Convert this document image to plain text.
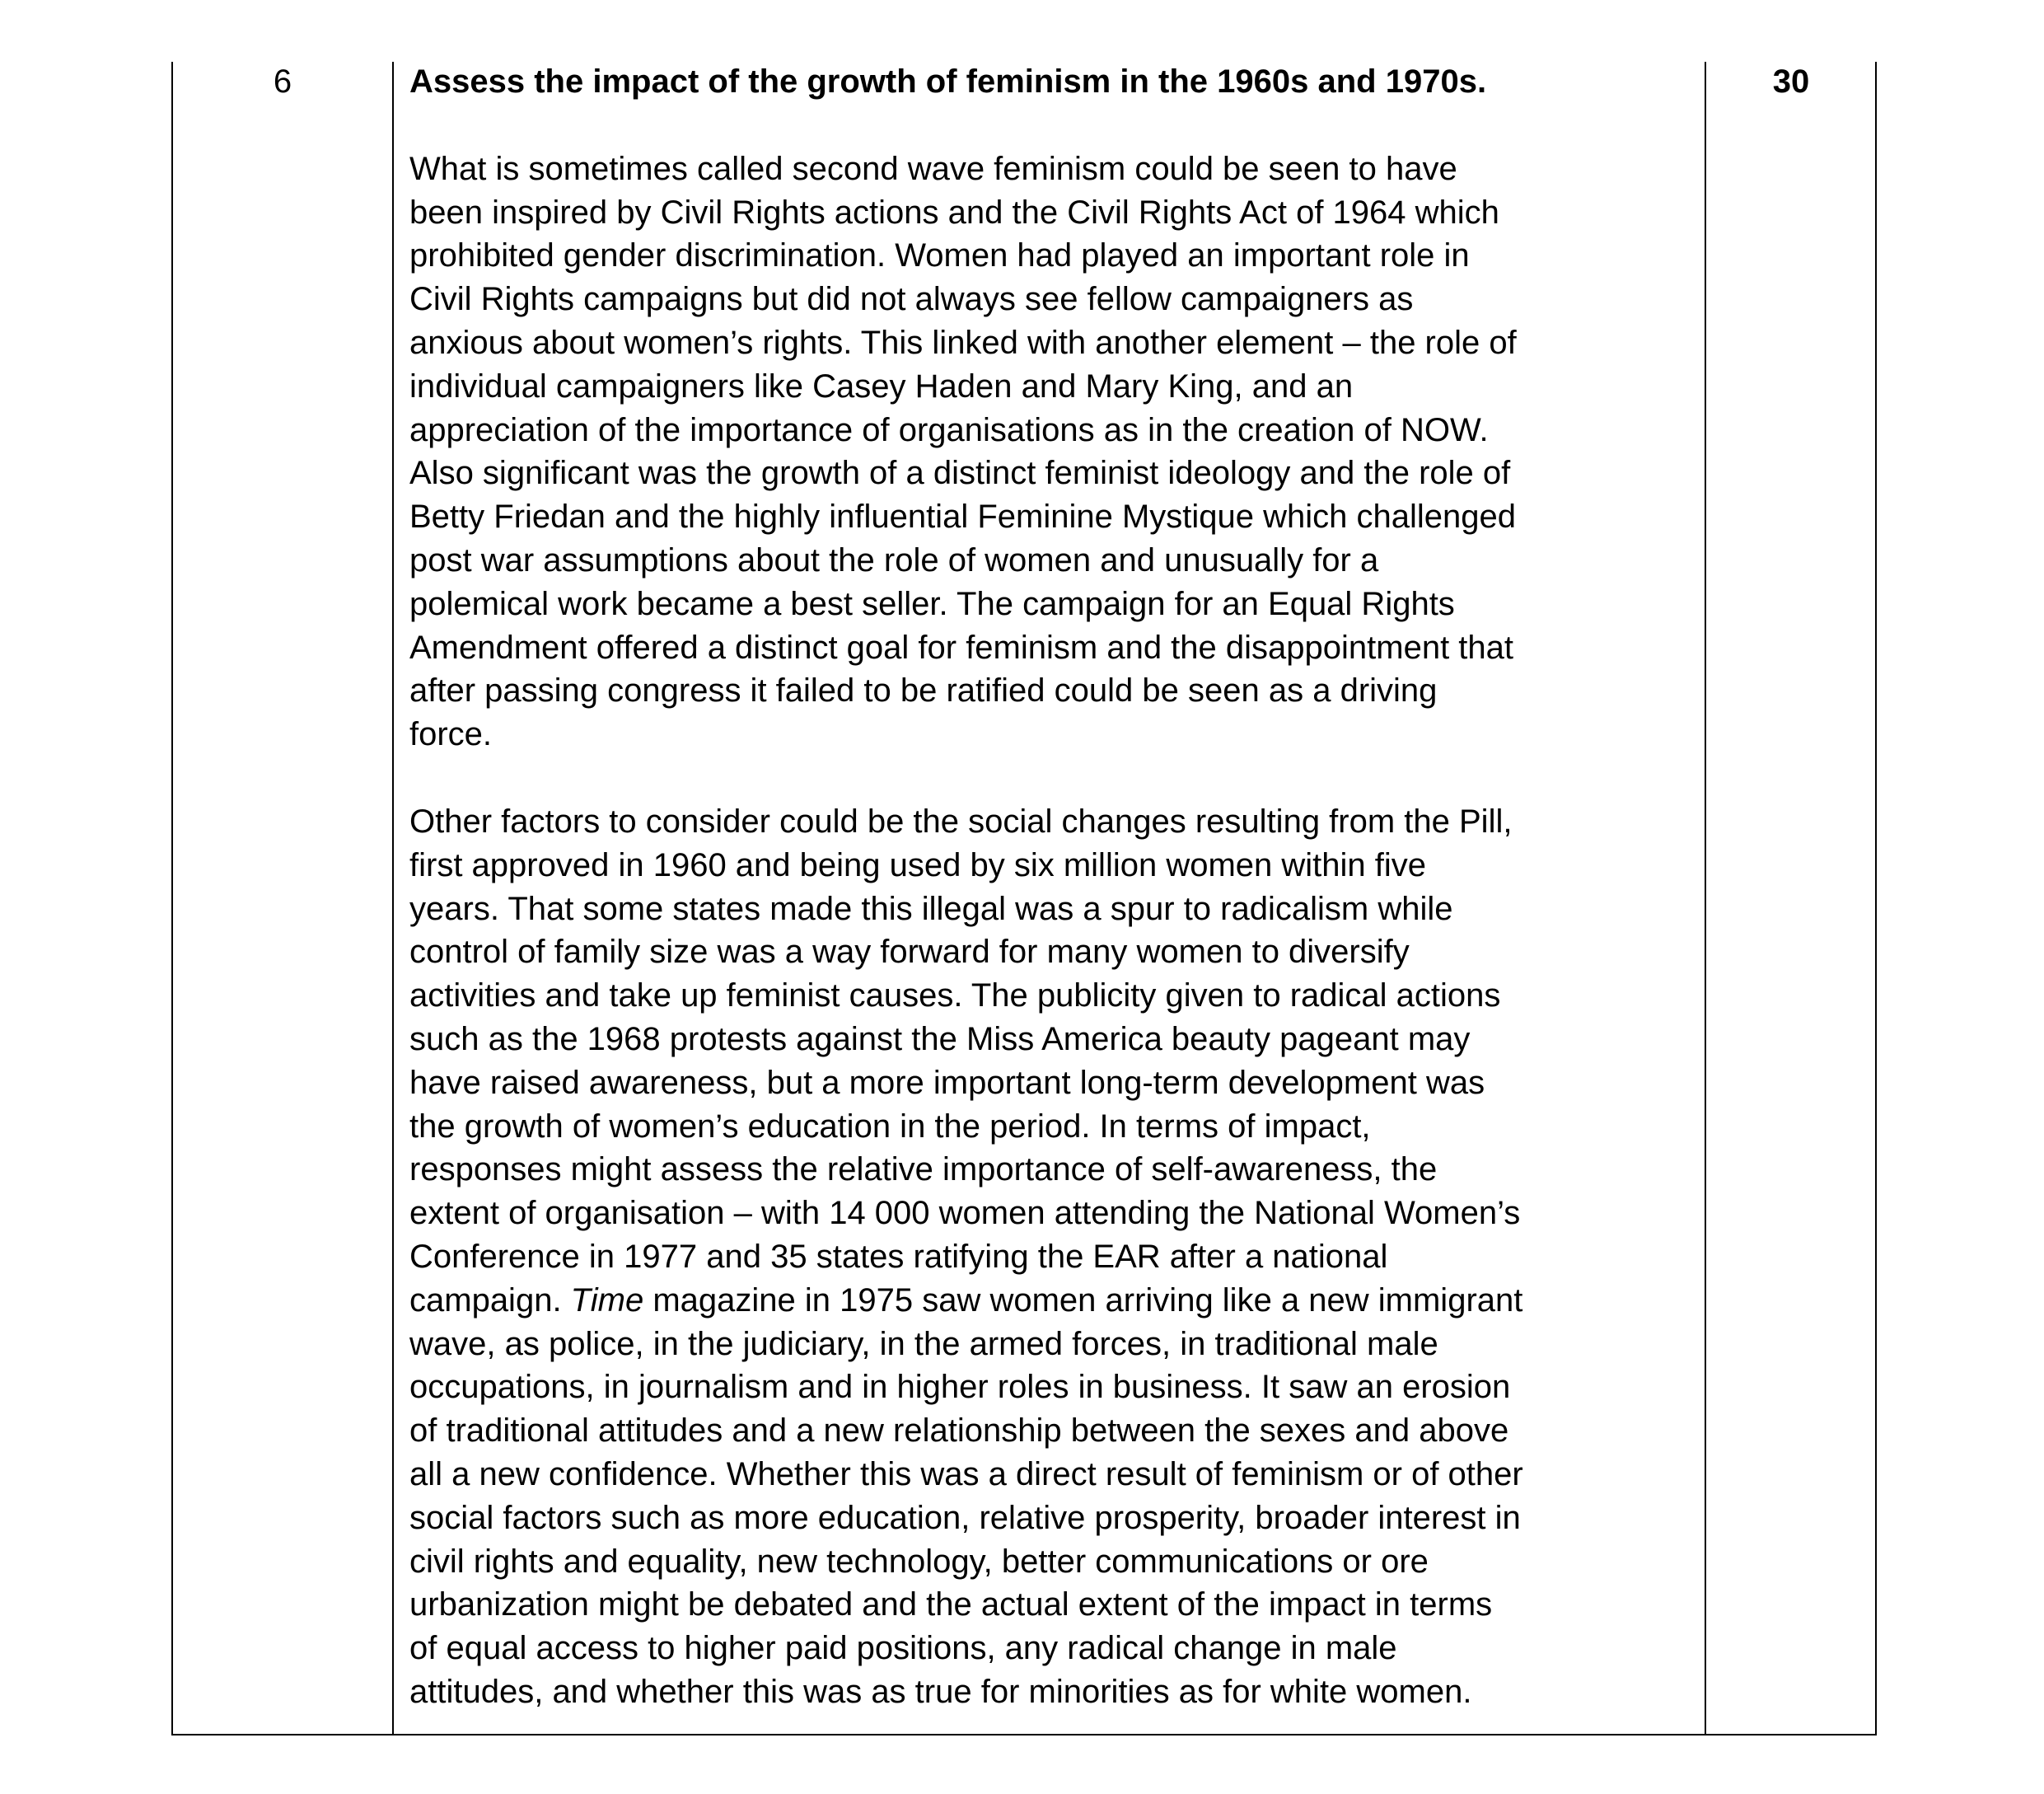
6	Assess the impact of the growth of feminism in the 1960s and 1970s.
What is sometimes called second wave feminism could be seen to have
been inspired by Civil Rights actions and the Civil Rights Act of 1964 which
prohibited gender discrimination. Women had played an important role in
Civil Rights campaigns but did not always see fellow campaigners as
anxious about women’s rights. This linked with another element – the role of
individual campaigners like Casey Haden and Mary King, and an
appreciation of the importance of organisations as in the creation of NOW.
Also significant was the growth of a distinct feminist ideology and the role of
Betty Friedan and the highly influential Feminine Mystique which challenged
post war assumptions about the role of women and unusually for a
polemical work became a best seller. The campaign for an Equal Rights
Amendment offered a distinct goal for feminism and the disappointment that
after passing congress it failed to be ratified could be seen as a driving
force.
Other factors to consider could be the social changes resulting from the Pill,
first approved in 1960 and being used by six million women within five
years. That some states made this illegal was a spur to radicalism while
control of family size was a way forward for many women to diversify
activities and take up feminist causes. The publicity given to radical actions
such as the 1968 protests against the Miss America beauty pageant may
have raised awareness, but a more important long-term development was
the growth of women’s education in the period. In terms of impact,
responses might assess the relative importance of self-awareness, the
extent of organisation – with 14 000 women attending the National Women’s
Conference in 1977 and 35 states ratifying the EAR after a national
campaign. Time magazine in 1975 saw women arriving like a new immigrant
wave, as police, in the judiciary, in the armed forces, in traditional male
occupations, in journalism and in higher roles in business. It saw an erosion
of traditional attitudes and a new relationship between the sexes and above
all a new confidence. Whether this was a direct result of feminism or of other
social factors such as more education, relative prosperity, broader interest in
civil rights and equality, new technology, better communications or ore
urbanization might be debated and the actual extent of the impact in terms
of equal access to higher paid positions, any radical change in male
attitudes, and whether this was as true for minorities as for white women.
30
